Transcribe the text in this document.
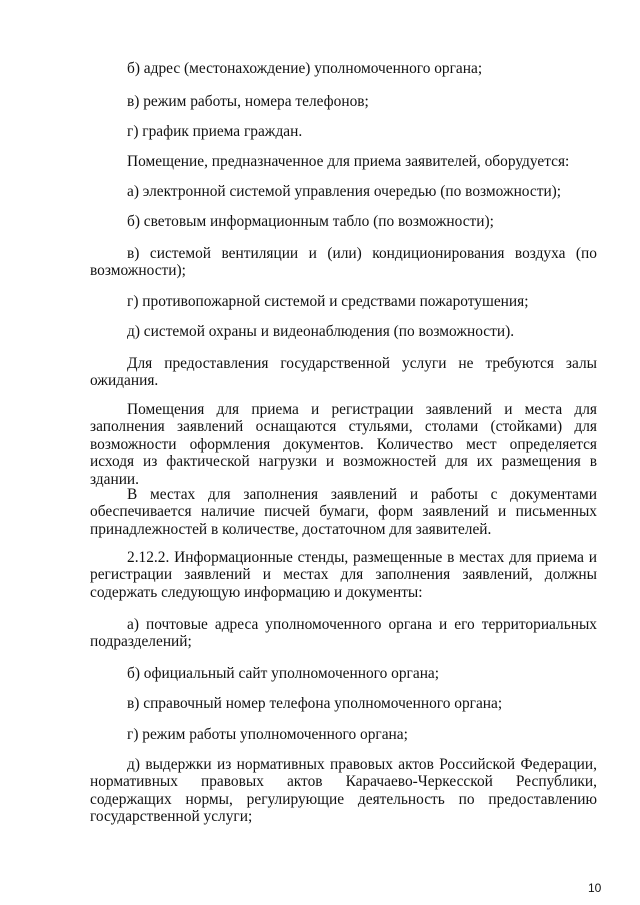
б) адрес (местонахождение) уполномоченного органа;

в) режим работы, номера телефонов;

г) график приема граждан.

Помещение, предназначенное для приема заявителей, оборудуется:

а) электронной системой управления очередью (по возможности);

б) световым информационным табло (по возможности);

в) системой вентиляции и (или) кондиционирования воздуха (по возможности);

г) противопожарной системой и средствами пожаротушения;

д) системой охраны и видеонаблюдения (по возможности).

Для предоставления государственной услуги не требуются залы ожидания.

Помещения для приема и регистрации заявлений и места для заполнения заявлений оснащаются стульями, столами (стойками) для возможности оформления документов. Количество мест определяется исходя из фактической нагрузки и возможностей для их размещения в здании.

В местах для заполнения заявлений и работы с документами обеспечивается наличие писчей бумаги, форм заявлений и письменных принадлежностей в количестве, достаточном для заявителей.

2.12.2. Информационные стенды, размещенные в местах для приема и регистрации заявлений и местах для заполнения заявлений, должны содержать следующую информацию и документы:

а) почтовые адреса уполномоченного органа и его территориальных подразделений;

б) официальный сайт уполномоченного органа;

в) справочный номер телефона уполномоченного органа;

г) режим работы уполномоченного органа;

д) выдержки из нормативных правовых актов Российской Федерации, нормативных правовых актов Карачаево-Черкесской Республики, содержащих нормы, регулирующие деятельность по предоставлению государственной услуги;

10
